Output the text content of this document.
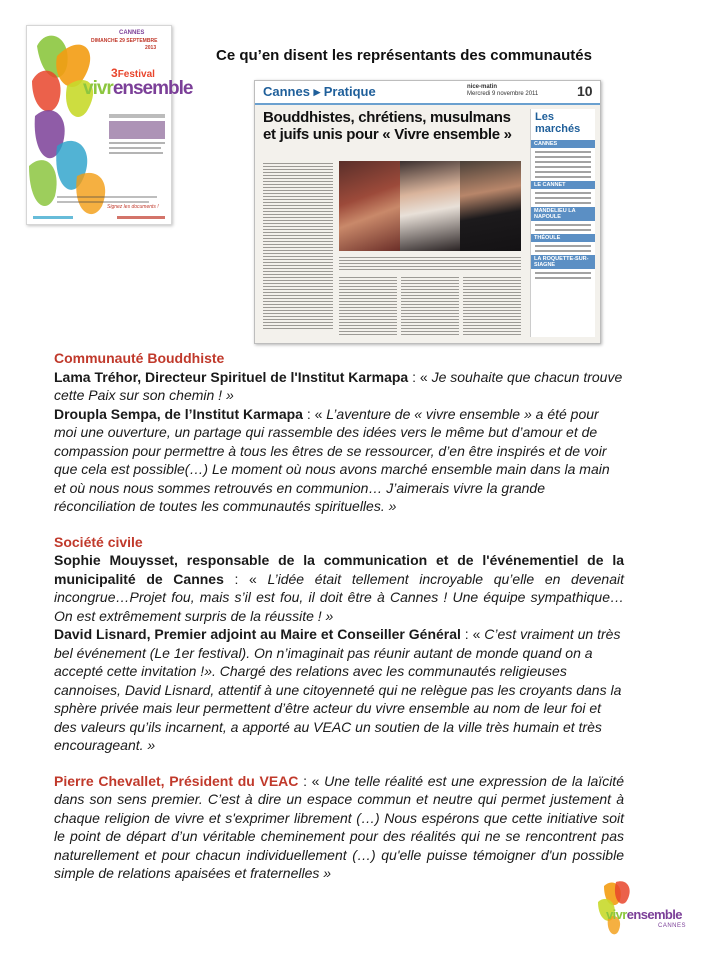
CANNES
DIMANCHE 29 SEPTEMBRE
2013
3Festival
vivrensemble
Signez les documents !
Ce qu’en disent les représentants des communautés
Cannes ▸ Pratique	nice-matin
Mercredi 9 novembre 2011	10
Bouddhistes, chrétiens, musulmans et juifs unis pour « Vivre ensemble »
Les marchés
CANNES
LE CANNET
MANDELIEU LA NAPOULE
THÉOULE
LA ROQUETTE-SUR-SIAGNE

Communauté Bouddhiste

Lama Tréhor, Directeur Spirituel de l'Institut Karmapa : « Je souhaite que chacun trouve cette Paix sur son chemin ! »

Droupla Sempa, de l’Institut Karmapa : « L’aventure de « vivre ensemble » a été pour moi une ouverture, un partage qui rassemble des idées vers le même but d’amour et de compassion pour permettre à tous les êtres de se ressourcer, d’en être inspirés et de voir que cela est possible(…) Le moment où nous avons marché ensemble main dans la main et où nous nous sommes retrouvés en communion… J’aimerais vivre la grande réconciliation de toutes les communautés spirituelles. »

Société civile

Sophie Mouysset, responsable de la communication et de l'événementiel de la municipalité de Cannes : « L’idée était tellement incroyable qu’elle en devenait incongrue…Projet fou, mais s’il est fou, il doit être à Cannes ! Une équipe sympathique… On est extrêmement surpris de la réussite ! »

David Lisnard, Premier adjoint au Maire et Conseiller Général : « C’est vraiment un très bel événement (Le 1er festival). On n’imaginait pas réunir autant de monde quand on a accepté cette invitation !». Chargé des relations avec les communautés religieuses cannoises, David Lisnard, attentif à une citoyenneté qui ne relègue pas les croyants dans la sphère privée mais leur permettent d’être acteur du vivre ensemble au nom de leur foi et des valeurs qu’ils incarnent, a apporté au VEAC un soutien de la ville très humain et très encourageant. »

Pierre Chevallet, Président du VEAC : « Une telle réalité est une expression de la laïcité dans son sens premier. C’est à dire un espace commun et neutre qui permet justement à chaque religion de vivre et s'exprimer librement (…) Nous espérons que cette initiative soit le point de départ d’un véritable cheminement pour des réalités qui ne se rencontrent pas naturellement et pour chacun individuellement (…) qu'elle puisse témoigner d'un possible simple de relations apaisées et fraternelles »

vivrensemble
CANNES
